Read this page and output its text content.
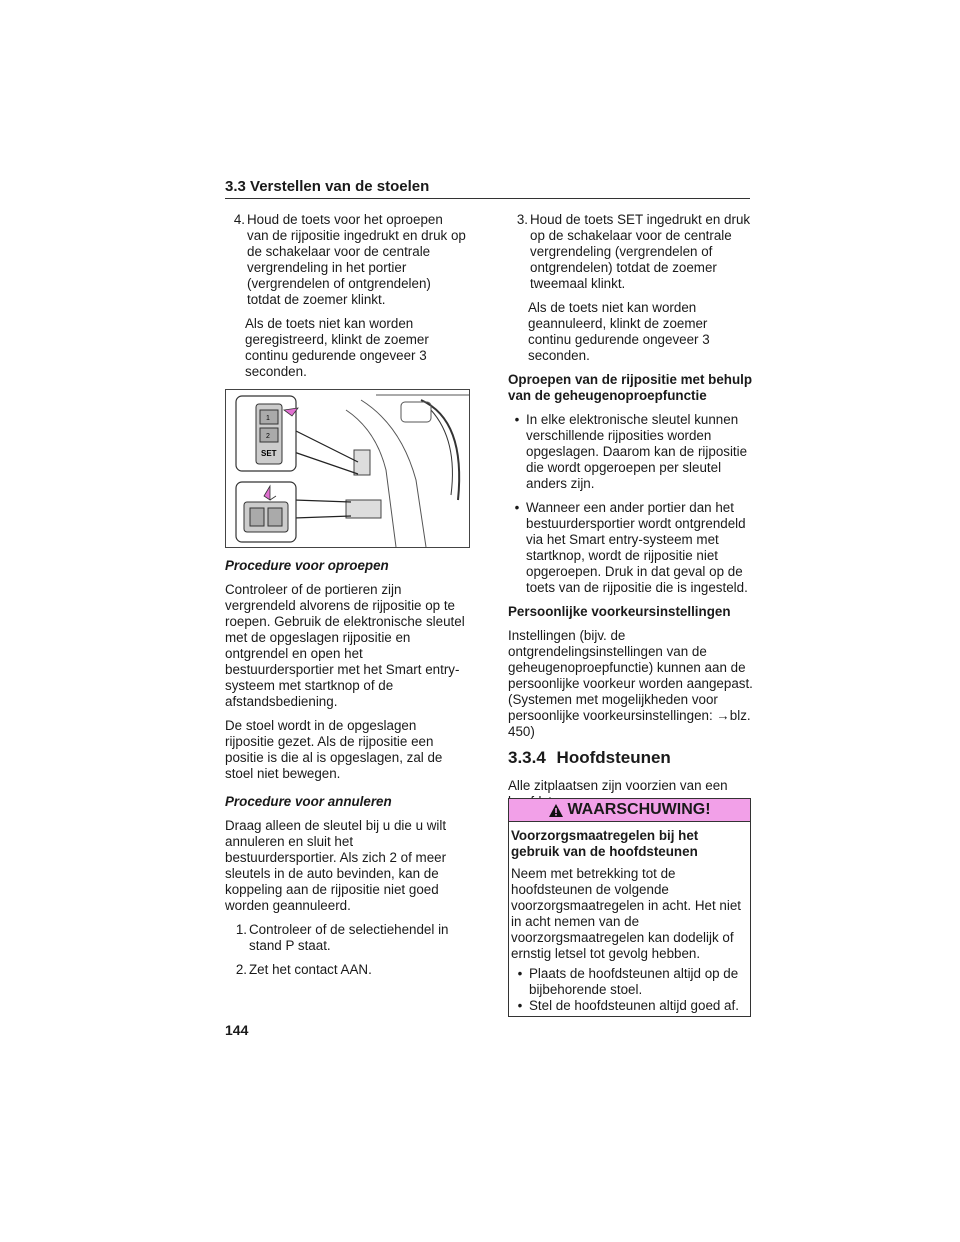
3.3 Verstellen van de stoelen
4. Houd de toets voor het oproepen van de rijpositie ingedrukt en druk op de schakelaar voor de centrale vergrendeling in het portier (vergrendelen of ontgrendelen) totdat de zoemer klinkt.
Als de toets niet kan worden geregistreerd, klinkt de zoemer continu gedurende ongeveer 3 seconden.
SET
1
2

Procedure voor oproepen

Controleer of de portieren zijn vergrendeld alvorens de rijpositie op te roepen. Gebruik de elektronische sleutel met de opgeslagen rijpositie en ontgrendel en open het bestuurdersportier met het Smart entry-systeem met startknop of de afstandsbediening.

De stoel wordt in de opgeslagen rijpositie gezet. Als de rijpositie een positie is die al is opgeslagen, zal de stoel niet bewegen.

Procedure voor annuleren

Draag alleen de sleutel bij u die u wilt annuleren en sluit het bestuurdersportier. Als zich 2 of meer sleutels in de auto bevinden, kan de koppeling aan de rijpositie niet goed worden geannuleerd.

1. Controleer of de selectiehendel in stand P staat.
2. Zet het contact AAN.
3. Houd de toets SET ingedrukt en druk op de schakelaar voor de centrale vergrendeling (vergrendelen of ontgrendelen) totdat de zoemer tweemaal klinkt.
Als de toets niet kan worden geannuleerd, klinkt de zoemer continu gedurende ongeveer 3 seconden.

Oproepen van de rijpositie met behulp van de geheugenoproepfunctie

• In elke elektronische sleutel kunnen verschillende rijposities worden opgeslagen. Daarom kan de rijpositie die wordt opgeroepen per sleutel anders zijn.
• Wanneer een ander portier dan het bestuurdersportier wordt ontgrendeld via het Smart entry-systeem met startknop, wordt de rijpositie niet opgeroepen. Druk in dat geval op de toets van de rijpositie die is ingesteld.

Persoonlijke voorkeursinstellingen

Instellingen (bijv. de ontgrendelingsinstellingen van de geheugenoproepfunctie) kunnen aan de persoonlijke voorkeur worden aangepast. (Systemen met mogelijkheden voor persoonlijke voorkeursinstellingen: →blz. 450)

3.3.4 Hoofdsteunen

Alle zitplaatsen zijn voorzien van een

WAARSCHUWING!

Voorzorgsmaatregelen bij het gebruik van de hoofdsteunen

Neem met betrekking tot de hoofdsteunen de volgende voorzorgsmaatregelen in acht. Het niet in acht nemen van de voorzorgsmaatregelen kan dodelijk of ernstig letsel tot gevolg hebben.

• Plaats de hoofdsteunen altijd op de bijbehorende stoel.
• Stel de hoofdsteunen altijd goed af.
144
